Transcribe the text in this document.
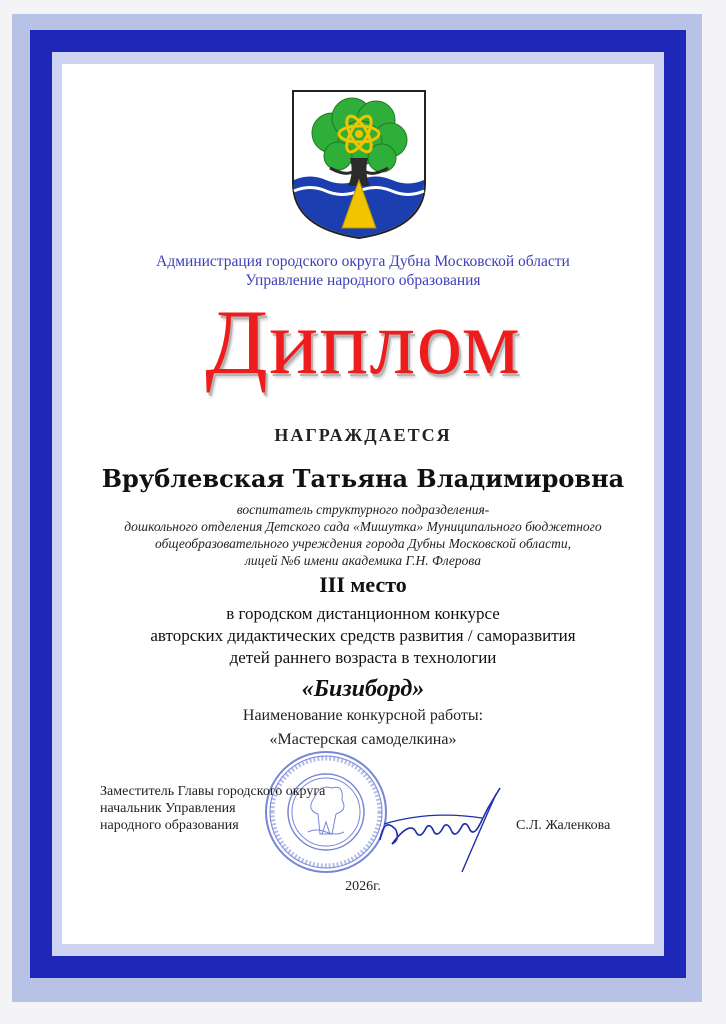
Администрация городского округа Дубна Московской области
Управление народного образования
Диплом
НАГРАЖДАЕТСЯ
Врублевская Татьяна Владимировна
воспитатель структурного подразделения-
дошкольного отделения Детского сада «Мишутка» Муниципального бюджетного
общеобразовательного учреждения города Дубны Московской области,
лицей №6 имени академика Г.Н. Флерова
III место
в городском дистанционном конкурсе
авторских дидактических средств развития / саморазвития
детей раннего возраста в технологии
«Бизиборд»
Наименование конкурсной работы:
«Мастерская самоделкина»
Заместитель Главы городского округа
начальник Управления
народного образования	С.Л. Жаленкова
2026г.
